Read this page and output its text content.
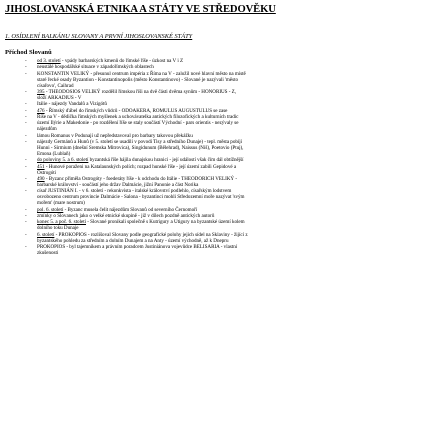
JIHOSLOVANSKÁ ETNIKA A STÁTY VE STŘEDOVĚKU
1. OSÍDLENÍ BALKÁNU SLOVANY A PRVNÍ JIHOSLOVANSKÉ STÁTY
Příchod Slovanů
- od 3. století - vpády barbarských kmenů do římské říše - úzkost na V i Z
- neustálé hospodářské situace v západořímských oblastech
- KONSTANTIN VELIKÝ - přesunul centrum impéria z Říma na V - založil nové hlavní město na místě
staré řecké osady Byzantion - Konstantinopolis (město Konstantinovo) - Slované je nazývali 'město
císařovo', Caihrad
- 395 - THEODOSIOS VELIKÝ rozdělil římskou říši na dvě části dvěma synům - HONORIUS - Z,
složí ARKADIUS - V
- Itálie - nájezdy Vandalů a Vizigótů
- 476 - Římský ďábel do římských vůdců - ODOAKERA, ROMULUS AUGUSTULUS se zase
- Říše na V - dědička římských myšlenek a uchovávatelka antických filozofických a kulturních tradic
- území Ilýrie a Makedonie - po rozdělení říše se staly součástí Východní - pars orientis - nezývaly se
nájezdům
- lámou Romanus v Podunají už nepředstavoval pro barbary takovou překážku
- nájezdy Germánů a Hunů (v 5. století se usadili v povodí Tisy a středního Dunaje) - tepl. města pobíjí
Hunni - Sirmium (dnešní Sremska Mitrovica), Singidunum (Bělehrad), Naissus (Niš), Poetovio (Ptuj),
Emona (Lublaň)
- do poloviny 5. a 6. století byzantská říše hájila dunajskou hranici - její událostí však čím dál obtížnější
- 451 - Hunové poraženi na Katalaunských polích; rozpad hunské říše - její území zabili Gepidové a
Ostrogóti
- 490 - Byzanc přiměla Ostrogóty - foederáty říše - k odchodu do Itálie - THEODORICH VELIKÝ -
barbarské království - součástí jeho držav Dalmácie, jižní Panonie a část Norika
- císař JUSTINIÁN I. - v 6. století - rekonkvista - italské království podlehlo, císařským lodstvem
osvobozeno centrum provincie Dalmácie - Salona - byzantinci mohli Středozemní moře nazývat 'svým
mořem' (mare nostrum)
- pol. 6. století - Byzanc musela čelit nájezdům Slovanů od severního Černomoří
- zmínky o Slovanech jako o velké etnické skupině - již v dílech pozdně antických autorů
- konec 5. a poč. 6. století - Slované pronikali společně s Kutrigury a Utigury na byzantské území kolem
dolního toku Dunaje
- 6. století - PROKOPIOS - rozlišoval Slovany podle geografické polohy jejich sídel na Sklaviny - žijící z
byzantského pohledu za středním a dolním Dunajem a na Anty - území východně, až k Dnepru
- PROKOPIOS - byl tajemníkem a právním poradcem Justiniánova vojevůdce BELISARIA - vlastní
zkušenosti
